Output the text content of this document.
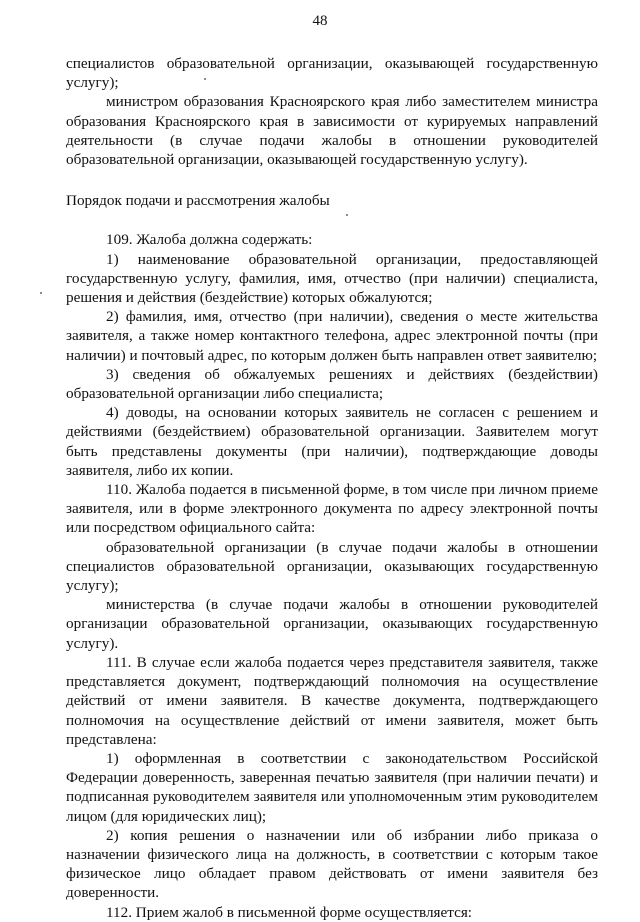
48

специалистов образовательной организации, оказывающей государственную услугу);

министром образования Красноярского края либо заместителем министра образования Красноярского края в зависимости от курируемых направлений деятельности (в случае подачи жалобы в отношении руководителей образовательной организации, оказывающей государственную услугу).

Порядок подачи и рассмотрения жалобы

109. Жалоба должна содержать:

1) наименование образовательной организации, предоставляющей государственную услугу, фамилия, имя, отчество (при наличии) специалиста, решения и действия (бездействие) которых обжалуются;

2) фамилия, имя, отчество (при наличии), сведения о месте жительства заявителя, а также номер контактного телефона, адрес электронной почты (при наличии) и почтовый адрес, по которым должен быть направлен ответ заявителю;

3) сведения об обжалуемых решениях и действиях (бездействии) образовательной организации либо специалиста;

4) доводы, на основании которых заявитель не согласен с решением и действиями (бездействием) образовательной организации. Заявителем могут быть представлены документы (при наличии), подтверждающие доводы заявителя, либо их копии.

110. Жалоба подается в письменной форме, в том числе при личном приеме заявителя, или в форме электронного документа по адресу электронной почты или посредством официального сайта:

образовательной организации (в случае подачи жалобы в отношении специалистов образовательной организации, оказывающих государственную услугу);

министерства (в случае подачи жалобы в отношении руководителей организации образовательной организации, оказывающих государственную услугу).

111. В случае если жалоба подается через представителя заявителя, также представляется документ, подтверждающий полномочия на осуществление действий от имени заявителя. В качестве документа, подтверждающего полномочия на осуществление действий от имени заявителя, может быть представлена:

1) оформленная в соответствии с законодательством Российской Федерации доверенность, заверенная печатью заявителя (при наличии печати) и подписанная руководителем заявителя или уполномоченным этим руководителем лицом (для юридических лиц);

2) копия решения о назначении или об избрании либо приказа о назначении физического лица на должность, в соответствии с которым такое физическое лицо обладает правом действовать от имени заявителя без доверенности.

112. Прием жалоб в письменной форме осуществляется:
